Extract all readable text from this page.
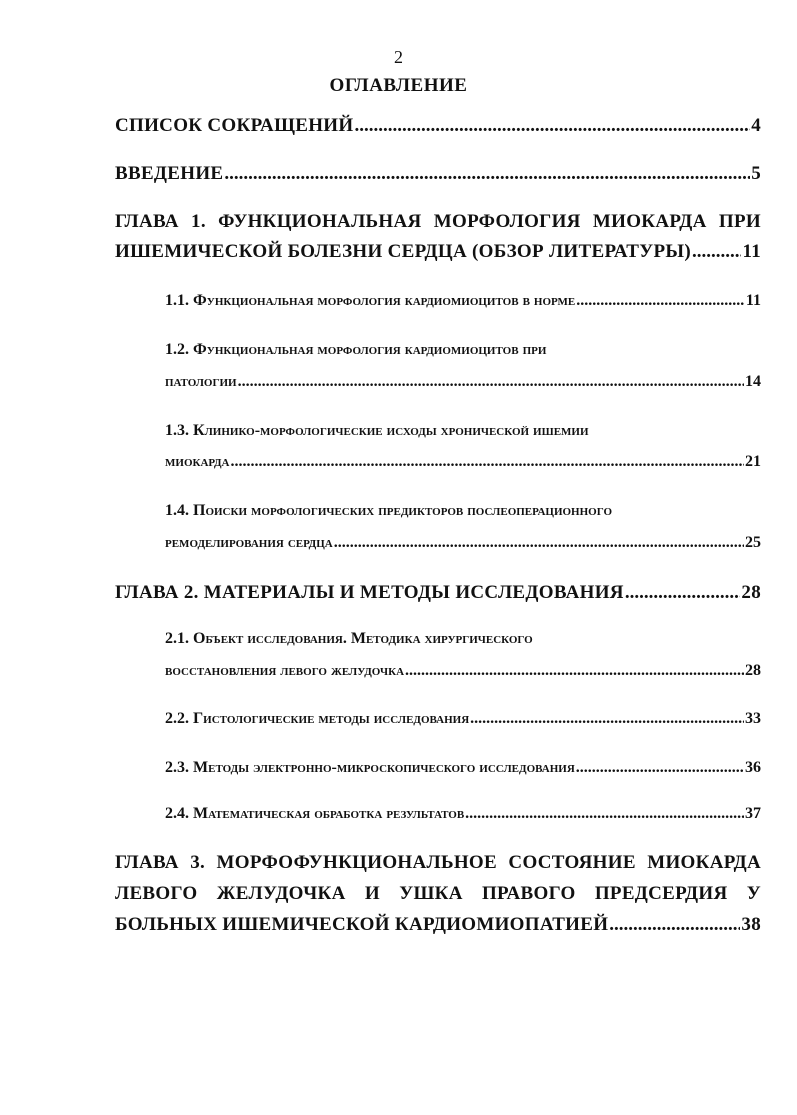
2
ОГЛАВЛЕНИЕ
СПИСОК СОКРАЩЕНИЙ .....	4
ВВЕДЕНИЕ .....	5
ГЛАВА 1. ФУНКЦИОНАЛЬНАЯ МОРФОЛОГИЯ МИОКАРДА ПРИ
ИШЕМИЧЕСКОЙ БОЛЕЗНИ СЕРДЦА (ОБЗОР ЛИТЕРАТУРЫ) .....	11
1.1. Функциональная морфология кардиомиоцитов в норме .....	11
1.2. Функциональная морфология кардиомиоцитов при
патологии .....	14
1.3. Клинико-морфологические исходы хронической ишемии
миокарда .....	21
1.4. Поиски морфологических предикторов послеоперационного
ремоделирования сердца .....	25
ГЛАВА 2. МАТЕРИАЛЫ И МЕТОДЫ ИССЛЕДОВАНИЯ .....	28
2.1. Объект исследования. Методика хирургического
восстановления левого желудочка .....	28
2.2. Гистологические методы исследования .....	33
2.3. Методы электронно-микроскопического исследования .....	36
2.4. Математическая обработка результатов .....	37
ГЛАВА 3. МОРФОФУНКЦИОНАЛЬНОЕ СОСТОЯНИЕ МИОКАРДА
ЛЕВОГО ЖЕЛУДОЧКА И УШКА ПРАВОГО ПРЕДСЕРДИЯ У
БОЛЬНЫХ ИШЕМИЧЕСКОЙ КАРДИОМИОПАТИЕЙ .....	38
